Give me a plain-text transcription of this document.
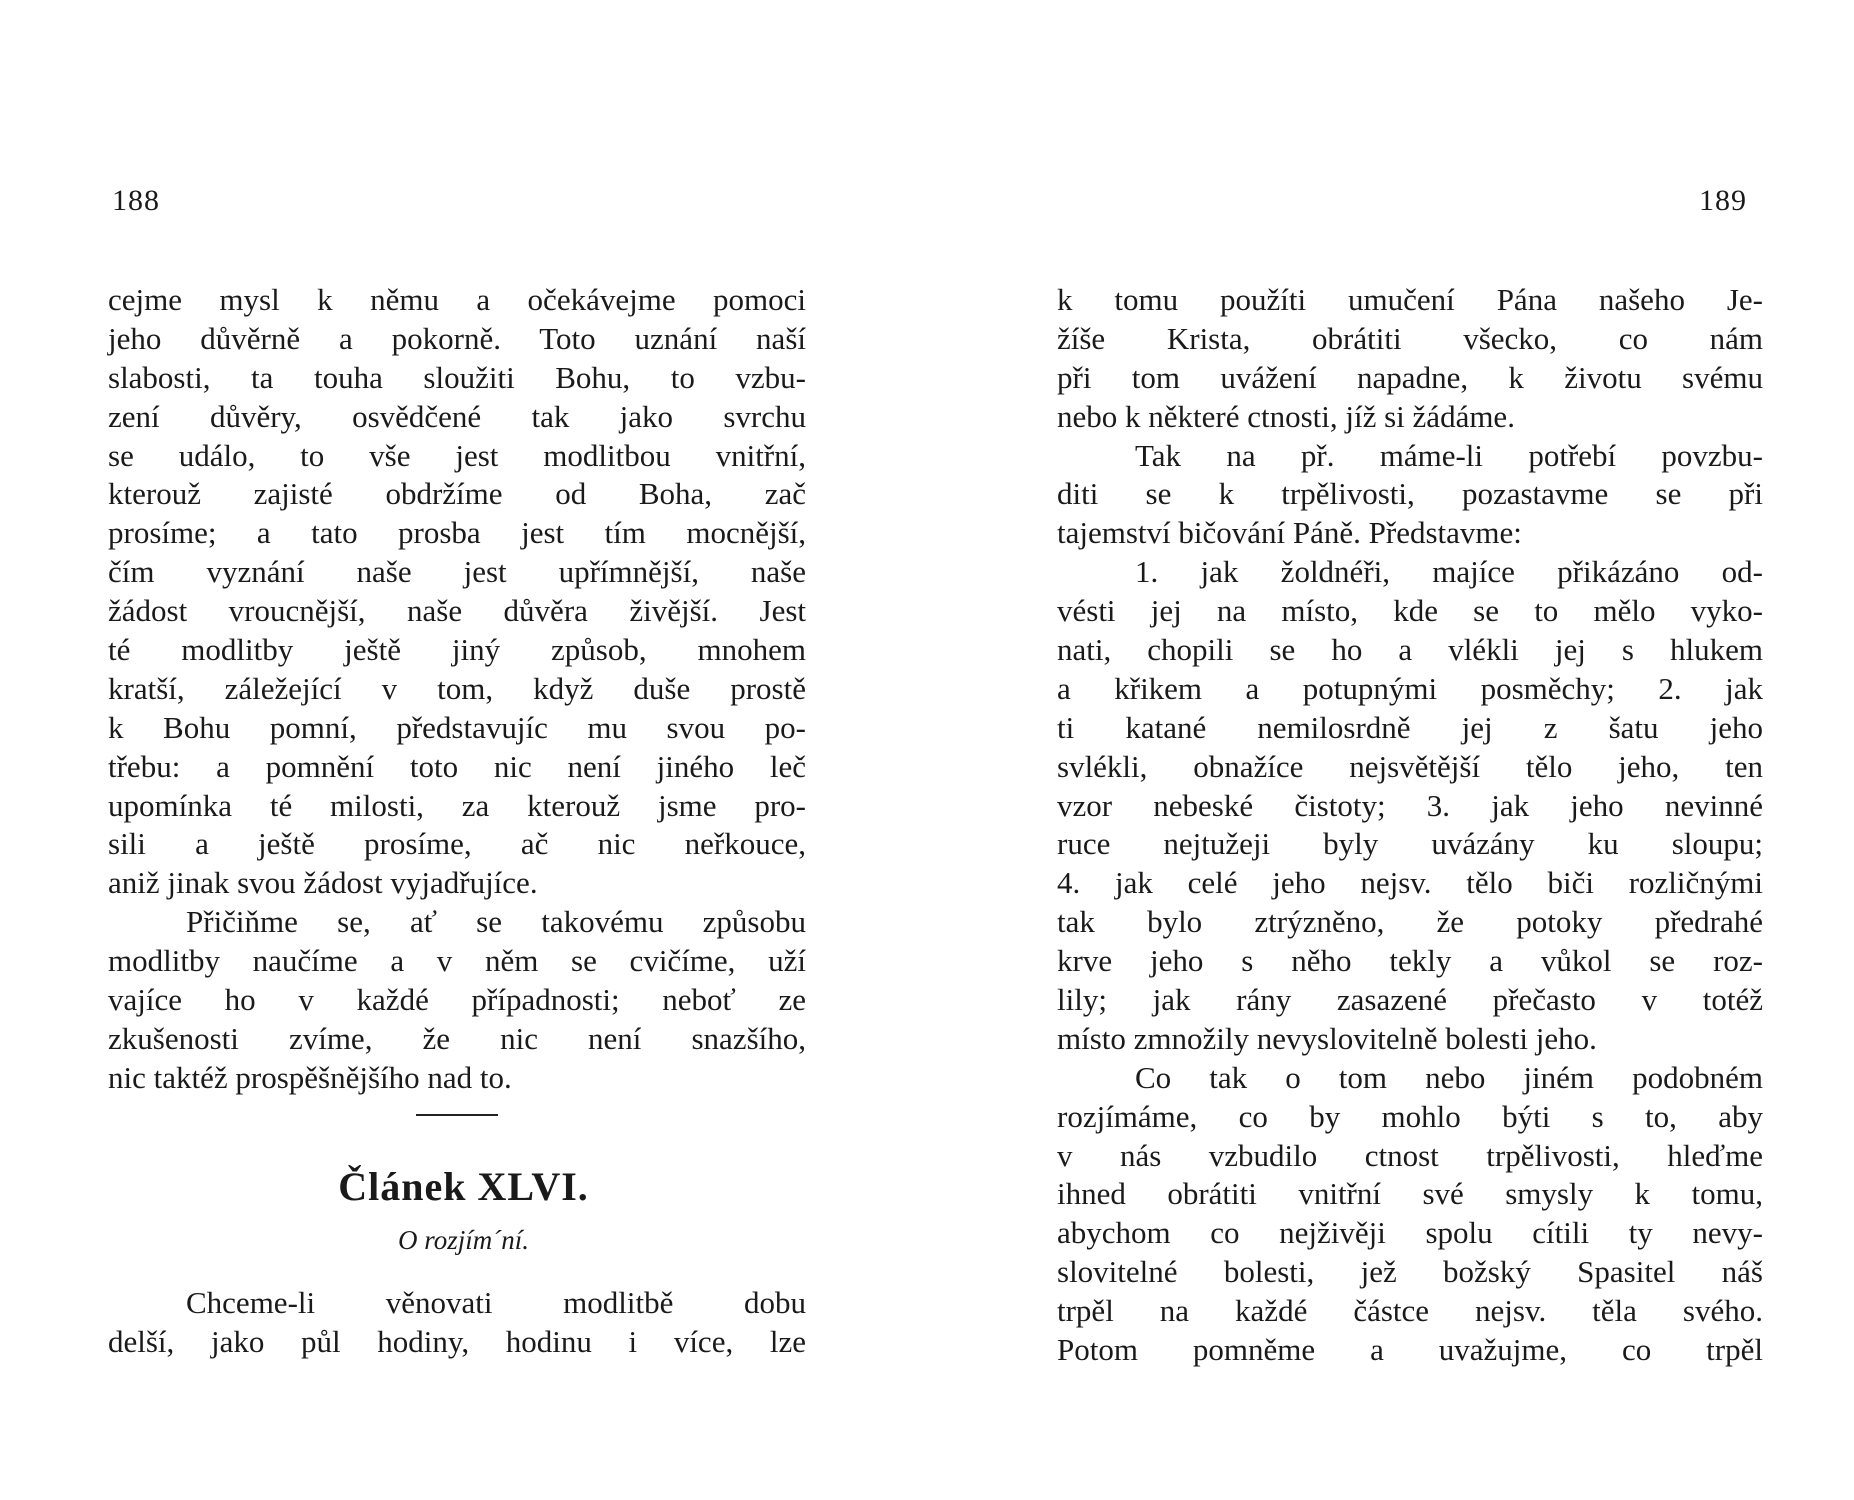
188
cejme mysl k němu a očekávejme pomoci
jeho důvěrně a pokorně. Toto uznání naší
slabosti, ta touha sloužiti Bohu, to vzbu-
zení důvěry, osvědčené tak jako svrchu
se událo, to vše jest modlitbou vnitřní,
kterouž zajisté obdržíme od Boha, zač
prosíme; a tato prosba jest tím mocnější,
čím vyznání naše jest upřímnější, naše
žádost vroucnější, naše důvěra živější. Jest
té modlitby ještě jiný způsob, mnohem
kratší, záležející v tom, když duše prostě
k Bohu pomní, představujíc mu svou po-
třebu: a pomnění toto nic není jiného leč
upomínka té milosti, za kterouž jsme pro-
sili a ještě prosíme, ač nic neřkouce,
aniž jinak svou žádost vyjadřujíce.
Přičiňme se, ať se takovému způsobu
modlitby naučíme a v něm se cvičíme, uží
vajíce ho v každé případnosti; neboť ze
zkušenosti zvíme, že nic není snazšího,
nic taktéž prospěšnějšího nad to.
Článek XLVI.
O rozjím´ní.
Chceme-li věnovati modlitbě dobu
delší, jako půl hodiny, hodinu i více, lze
189
k tomu použíti umučení Pána našeho Je-
žíše Krista, obrátiti všecko, co nám
při tom uvážení napadne, k životu svému
nebo k některé ctnosti, jíž si žádáme.
Tak na př. máme-li potřebí povzbu-
diti se k trpělivosti, pozastavme se při
tajemství bičování Páně. Představme:
1. jak žoldnéři, majíce přikázáno od-
vésti jej na místo, kde se to mělo vyko-
nati, chopili se ho a vlékli jej s hlukem
a křikem a potupnými posměchy; 2. jak
ti katané nemilosrdně jej z šatu jeho
svlékli, obnažíce nejsvětější tělo jeho, ten
vzor nebeské čistoty; 3. jak jeho nevinné
ruce nejtužeji byly uvázány ku sloupu;
4. jak celé jeho nejsv. tělo biči rozličnými
tak bylo ztrýzněno, že potoky předrahé
krve jeho s něho tekly a vůkol se roz-
lily; jak rány zasazené přečasto v totéž
místo zmnožily nevyslovitelně bolesti jeho.
Co tak o tom nebo jiném podobném
rozjímáme, co by mohlo býti s to, aby
v nás vzbudilo ctnost trpělivosti, hleďme
ihned obrátiti vnitřní své smysly k tomu,
abychom co nejživěji spolu cítili ty nevy-
slovitelné bolesti, jež božský Spasitel náš
trpěl na každé částce nejsv. těla svého.
Potom pomněme a uvažujme, co trpěl
